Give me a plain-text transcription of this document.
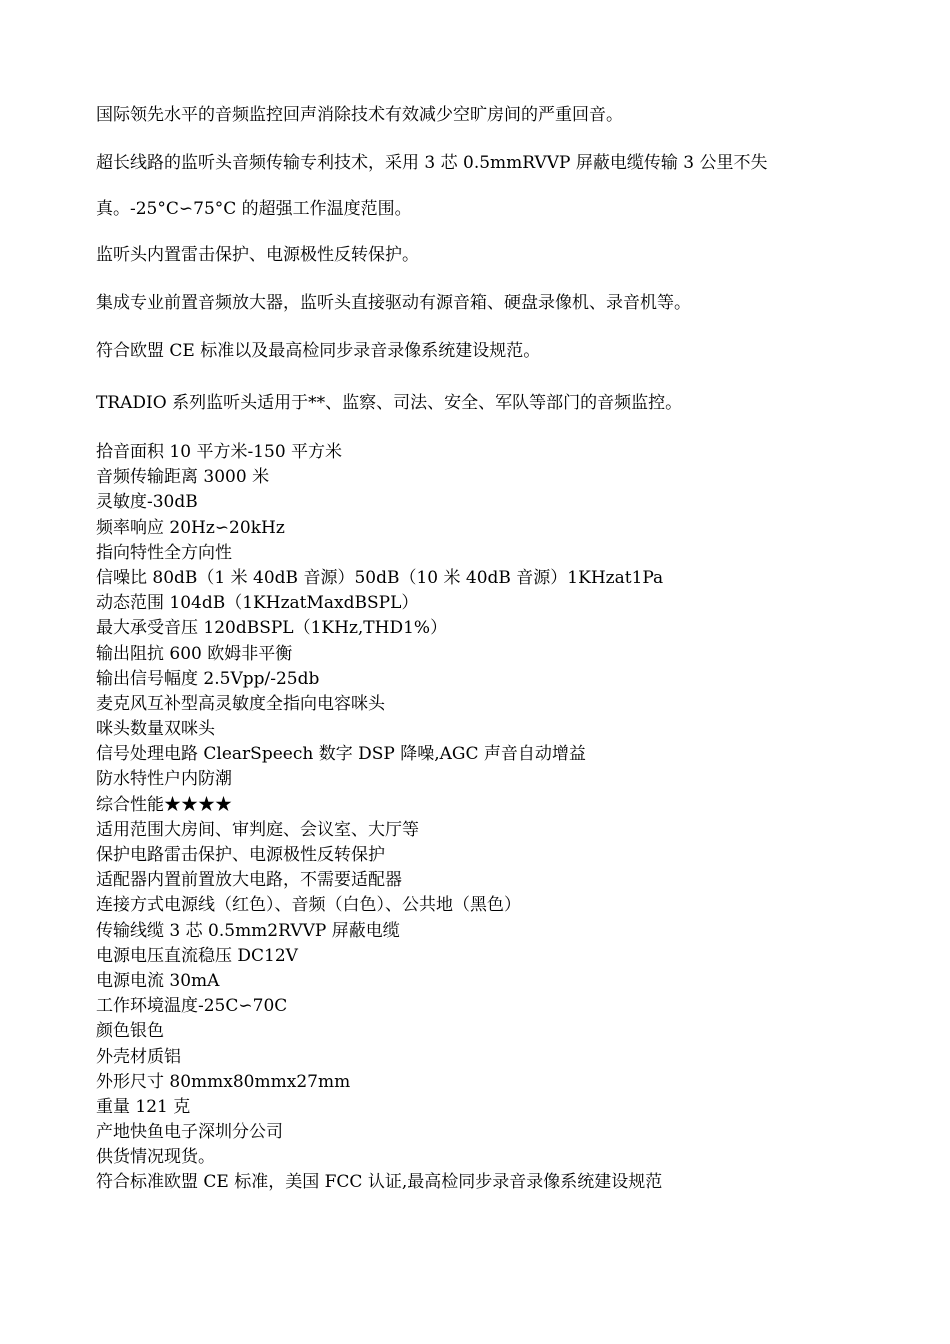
国际领先水平的音频监控回声消除技术有效减少空旷房间的严重回音。

超长线路的监听头音频传输专利技术，采用 3 芯 0.5mmRVVP 屏蔽电缆传输 3 公里不失

真。-25°C∽75°C 的超强工作温度范围。

监听头内置雷击保护、电源极性反转保护。

集成专业前置音频放大器，监听头直接驱动有源音箱、硬盘录像机、录音机等。

符合欧盟 CE 标准以及最高检同步录音录像系统建设规范。

TRADIO 系列监听头适用于**、监察、司法、安全、军队等部门的音频监控。

拾音面积 10 平方米-150 平方米
音频传输距离 3000 米
灵敏度-30dB
频率响应 20Hz∽20kHz
指向特性全方向性
信噪比 80dB（1 米 40dB 音源）50dB（10 米 40dB 音源）1KHzat1Pa
动态范围 104dB（1KHzatMaxdBSPL）
最大承受音压 120dBSPL（1KHz,THD1%）
输出阻抗 600 欧姆非平衡
输出信号幅度 2.5Vpp/-25db
麦克风互补型高灵敏度全指向电容咪头
咪头数量双咪头
信号处理电路 ClearSpeech 数字 DSP 降噪,AGC 声音自动增益
防水特性户内防潮
综合性能★★★★
适用范围大房间、审判庭、会议室、大厅等
保护电路雷击保护、电源极性反转保护
适配器内置前置放大电路，不需要适配器
连接方式电源线（红色）、音频（白色）、公共地（黑色）
传输线缆 3 芯 0.5mm2RVVP 屏蔽电缆
电源电压直流稳压 DC12V
电源电流 30mA
工作环境温度-25C∽70C
颜色银色
外壳材质铝
外形尺寸 80mmx80mmx27mm
重量 121 克
产地快鱼电子深圳分公司
供货情况现货。
符合标准欧盟 CE 标准，美国 FCC 认证,最高检同步录音录像系统建设规范
